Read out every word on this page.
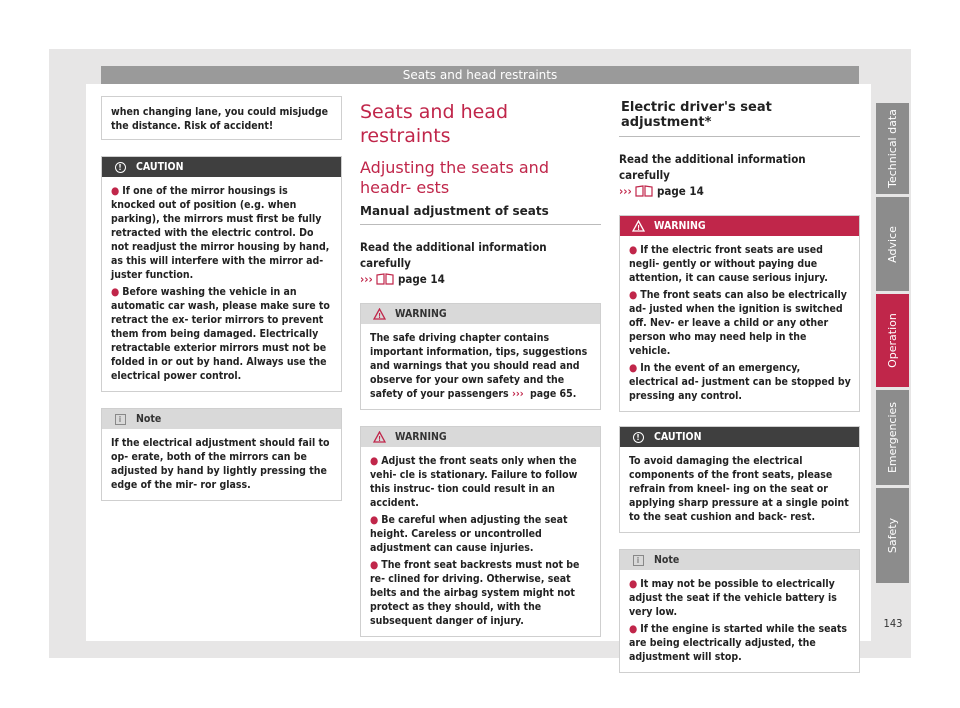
Seats and head restraints
when changing lane, you could misjudge the distance. Risk of accident!
!	CAUTION
● If one of the mirror housings is knocked out of position (e.g. when parking), the mirrors must first be fully retracted with the electric control. Do not readjust the mirror housing by hand, as this will interfere with the mirror ad- juster function.
● Before washing the vehicle in an automatic car wash, please make sure to retract the ex- terior mirrors to prevent them from being damaged. Electrically retractable exterior mirrors must not be folded in or out by hand. Always use the electrical power control.
i	Note
If the electrical adjustment should fail to op- erate, both of the mirrors can be adjusted by hand by lightly pressing the edge of the mir- ror glass.
Seats and head restraints
Adjusting the seats and headr- ests
Manual adjustment of seats
Read the additional information carefully
››› page 14
! WARNING
The safe driving chapter contains important information, tips, suggestions and warnings that you should read and observe for your own safety and the safety of your passengers ››› page 65.
! WARNING
● Adjust the front seats only when the vehi- cle is stationary. Failure to follow this instruc- tion could result in an accident.
● Be careful when adjusting the seat height. Careless or uncontrolled adjustment can cause injuries.
● The front seat backrests must not be re- clined for driving. Otherwise, seat belts and the airbag system might not protect as they should, with the subsequent danger of injury.
Electric driver's seat adjustment*
Read the additional information carefully
››› page 14
! WARNING
● If the electric front seats are used negli- gently or without paying due attention, it can cause serious injury.
● The front seats can also be electrically ad- justed when the ignition is switched off. Nev- er leave a child or any other person who may need help in the vehicle.
● In the event of an emergency, electrical ad- justment can be stopped by pressing any control.
!	CAUTION
To avoid damaging the electrical components of the front seats, please refrain from kneel- ing on the seat or applying sharp pressure at a single point to the seat cushion and back- rest.
i	Note
● It may not be possible to electrically adjust the seat if the vehicle battery is very low.
● If the engine is started while the seats are being electrically adjusted, the adjustment will stop.
Technical data
Advice
Operation
Emergencies
Safety
143
